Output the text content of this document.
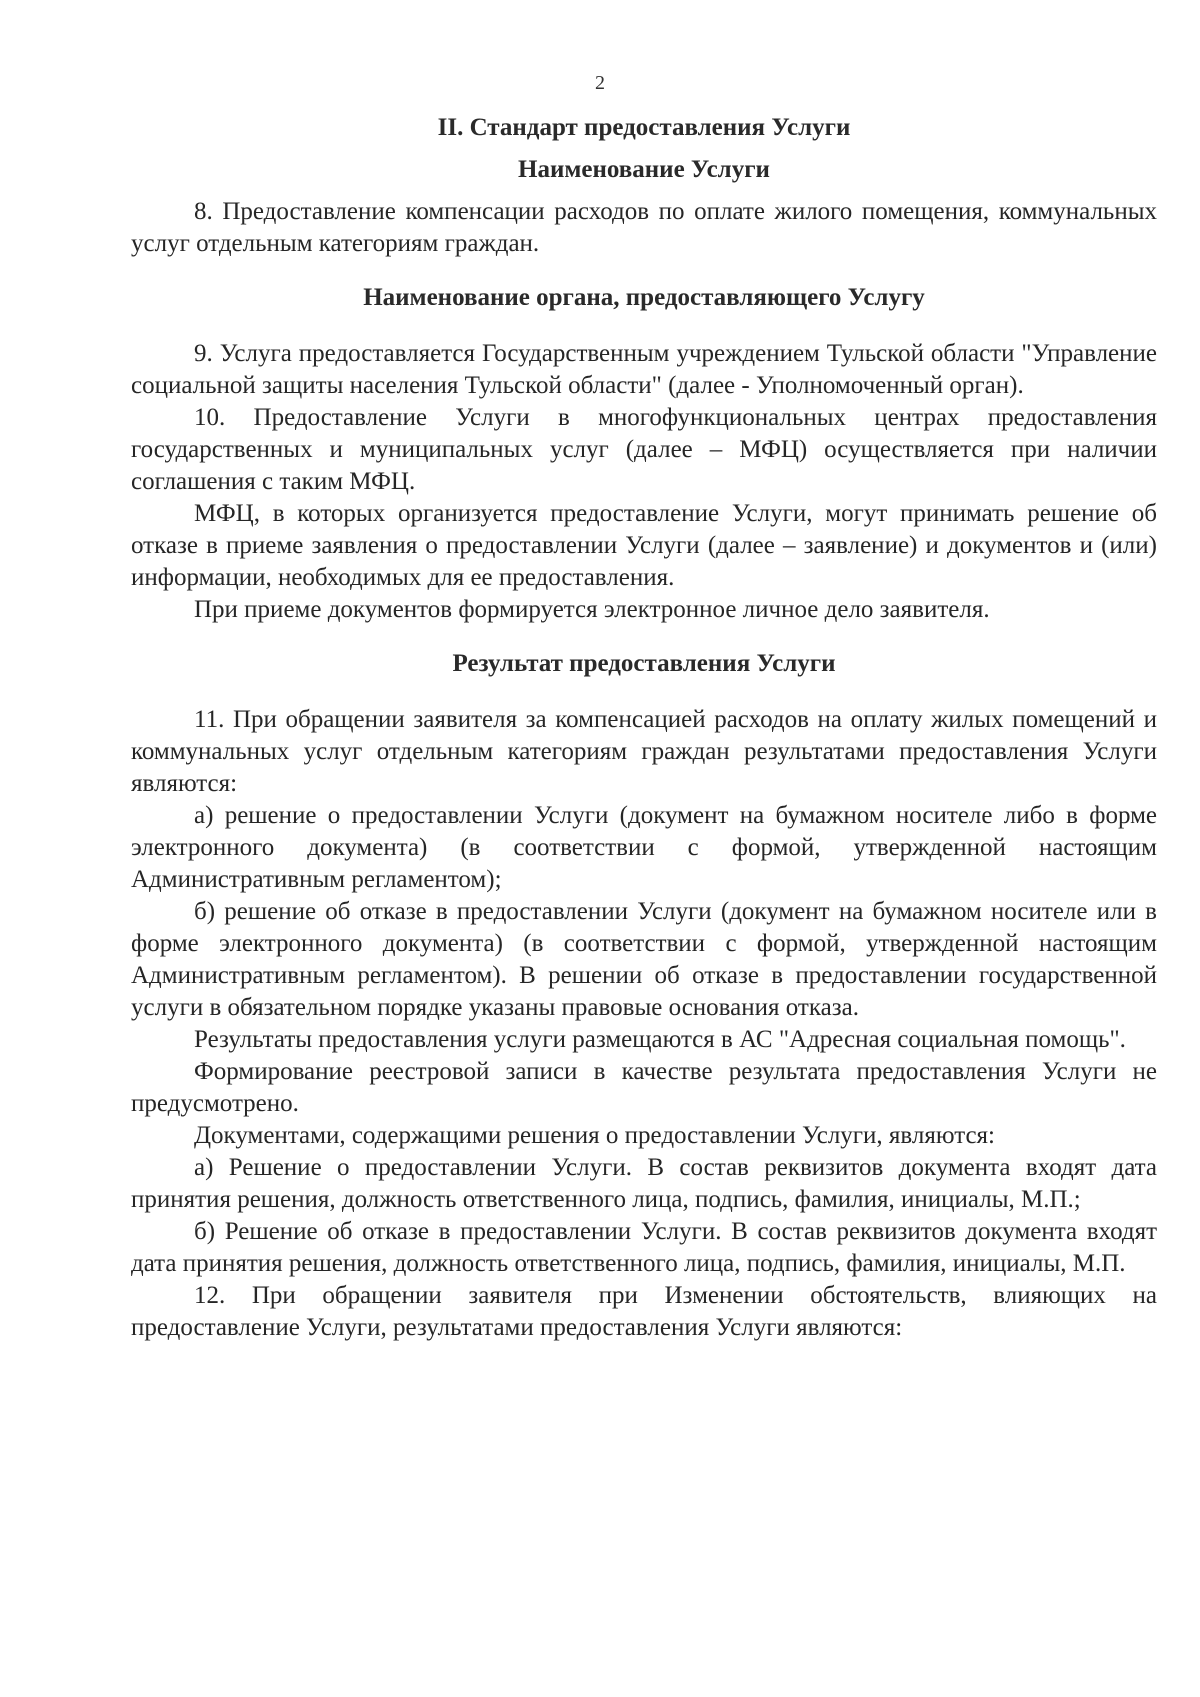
2
II. Стандарт предоставления Услуги
Наименование Услуги

8. Предоставление компенсации расходов по оплате жилого помещения, коммунальных услуг отдельным категориям граждан.

Наименование органа, предоставляющего Услугу

9. Услуга предоставляется Государственным учреждением Тульской области "Управление социальной защиты населения Тульской области" (далее - Уполномоченный орган).

10. Предоставление Услуги в многофункциональных центрах предоставления государственных и муниципальных услуг (далее – МФЦ) осуществляется при наличии соглашения с таким МФЦ.

МФЦ, в которых организуется предоставление Услуги, могут принимать решение об отказе в приеме заявления о предоставлении Услуги (далее – заявление) и документов и (или) информации, необходимых для ее предоставления.

При приеме документов формируется электронное личное дело заявителя.

Результат предоставления Услуги

11. При обращении заявителя за компенсацией расходов на оплату жилых помещений и коммунальных услуг отдельным категориям граждан результатами предоставления Услуги являются:

а) решение о предоставлении Услуги (документ на бумажном носителе либо в форме электронного документа) (в соответствии с формой, утвержденной настоящим Административным регламентом);

б) решение об отказе в предоставлении Услуги (документ на бумажном носителе или в форме электронного документа) (в соответствии с формой, утвержденной настоящим Административным регламентом). В решении об отказе в предоставлении государственной услуги в обязательном порядке указаны правовые основания отказа.

Результаты предоставления услуги размещаются в АС "Адресная социальная помощь".

Формирование реестровой записи в качестве результата предоставления Услуги не предусмотрено.

Документами, содержащими решения о предоставлении Услуги, являются:

а) Решение о предоставлении Услуги. В состав реквизитов документа входят дата принятия решения, должность ответственного лица, подпись, фамилия, инициалы, М.П.;

б) Решение об отказе в предоставлении Услуги. В состав реквизитов документа входят дата принятия решения, должность ответственного лица, подпись, фамилия, инициалы, М.П.

12. При обращении заявителя при Изменении обстоятельств, влияющих на предоставление Услуги, результатами предоставления Услуги являются:
